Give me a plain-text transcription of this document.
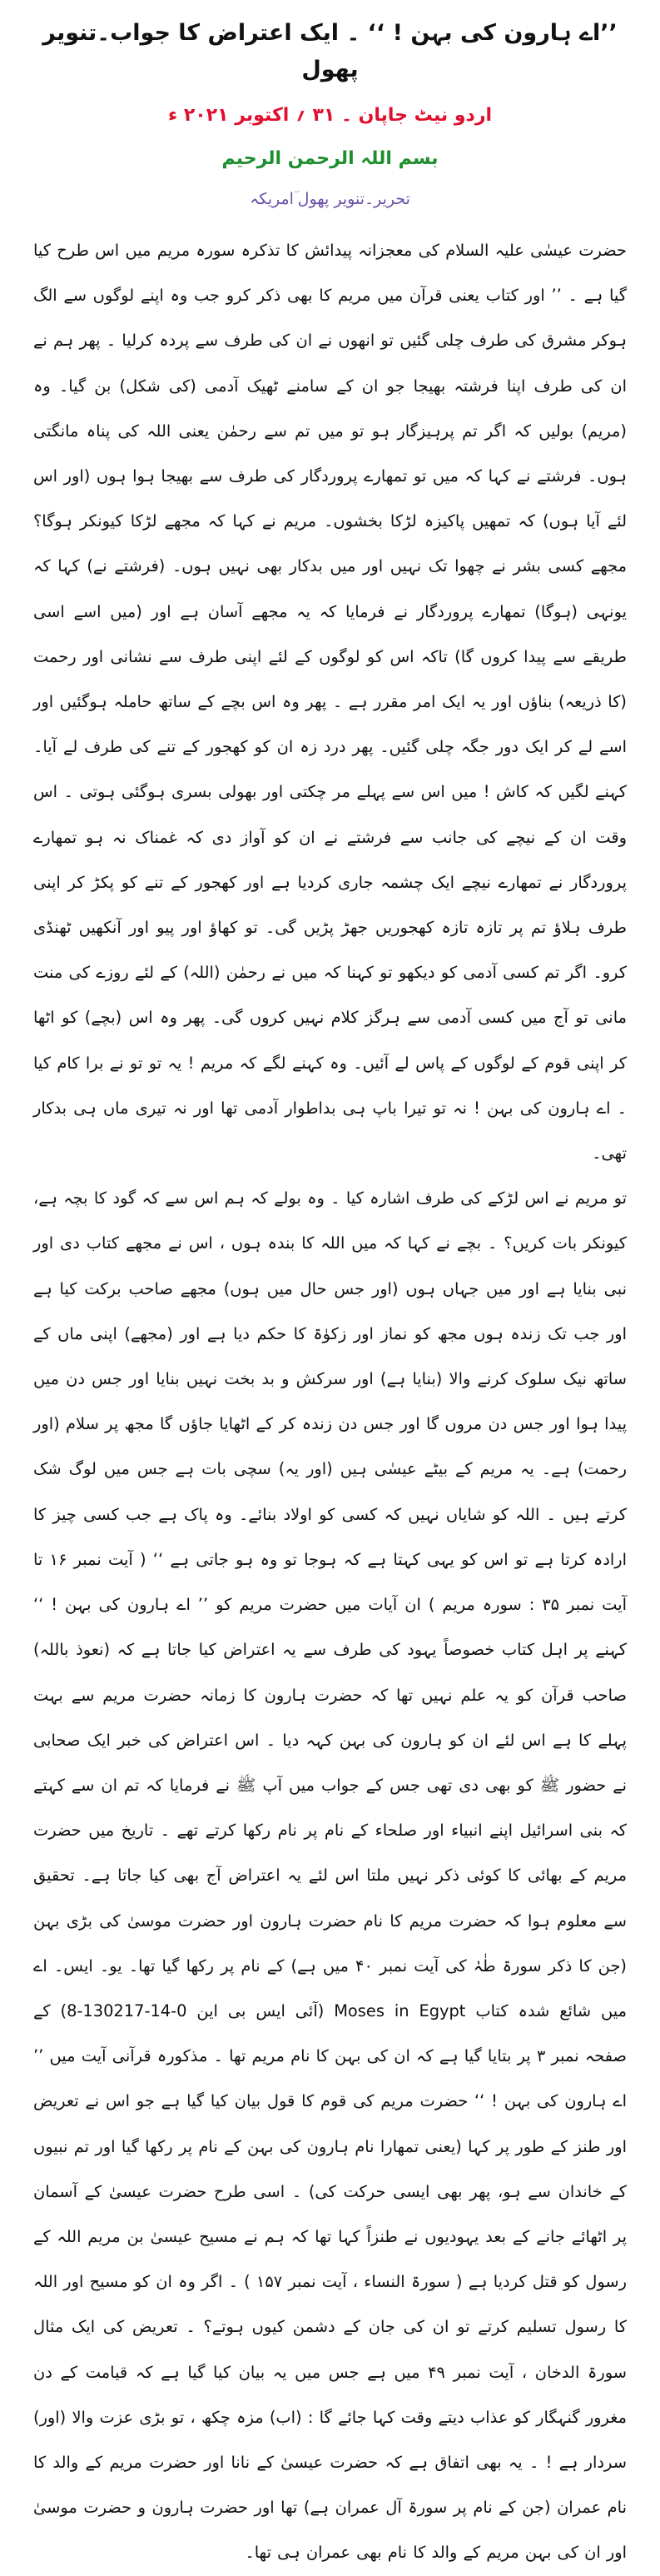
’’اے ہارون کی بہن ! ‘‘ ۔ ایک اعتراض کا جواب۔تنویر پھول
اردو نیٹ جاپان ۔ ۳۱ ؍ اکتوبر ۲۰۲۱ ء
بسم اللہ الرحمن الرحیم
تحریر۔تنویر پھول ؔامریکہ

حضرت عیسٰی علیہ السلام کی معجزانہ پیدائش کا تذکرہ سورہ مریم میں اس طرح کیا گیا ہے ۔ ’’ اور کتاب یعنی قرآن میں مریم کا بھی ذکر کرو جب وہ اپنے لوگوں سے الگ ہوکر مشرق کی طرف چلی گئیں تو انھوں نے ان کی طرف سے پردہ کرلیا ۔ پھر ہم نے ان کی طرف اپنا فرشتہ بھیجا جو ان کے سامنے ٹھیک آدمی (کی شکل) بن گیا۔ وہ (مریم) بولیں کہ اگر تم پرہیزگار ہو تو میں تم سے رحمٰن یعنی اللہ کی پناہ مانگتی ہوں۔ فرشتے نے کہا کہ میں تو تمھارے پروردگار کی طرف سے بھیجا ہوا ہوں (اور اس لئے آیا ہوں) کہ تمھیں پاکیزہ لڑکا بخشوں۔ مریم نے کہا کہ مجھے لڑکا کیونکر ہوگا؟ مجھے کسی بشر نے چھوا تک نہیں اور میں بدکار بھی نہیں ہوں۔ (فرشتے نے) کہا کہ یونہی (ہوگا) تمھارے پروردگار نے فرمایا کہ یہ مجھے آسان ہے اور (میں اسے اسی طریقے سے پیدا کروں گا) تاکہ اس کو لوگوں کے لئے اپنی طرف سے نشانی اور رحمت (کا ذریعہ) بناؤں اور یہ ایک امر مقرر ہے ۔ پھر وہ اس بچے کے ساتھ حاملہ ہوگئیں اور اسے لے کر ایک دور جگہ چلی گئیں۔ پھر درد زہ ان کو کھجور کے تنے کی طرف لے آیا۔ کہنے لگیں کہ کاش ! میں اس سے پہلے مر چکتی اور بھولی بسری ہوگئی ہوتی ۔ اس وقت ان کے نیچے کی جانب سے فرشتے نے ان کو آواز دی کہ غمناک نہ ہو تمھارے پروردگار نے تمھارے نیچے ایک چشمہ جاری کردیا ہے اور کھجور کے تنے کو پکڑ کر اپنی طرف ہلاؤ تم پر تازہ تازہ کھجوریں جھڑ پڑیں گی۔ تو کھاؤ اور پیو اور آنکھیں ٹھنڈی کرو۔ اگر تم کسی آدمی کو دیکھو تو کہنا کہ میں نے رحمٰن (اللہ) کے لئے روزے کی منت مانی تو آج میں کسی آدمی سے ہرگز کلام نہیں کروں گی۔ پھر وہ اس (بچے) کو اٹھا کر اپنی قوم کے لوگوں کے پاس لے آئیں۔ وہ کہنے لگے کہ مریم ! یہ تو تو نے برا کام کیا ۔ اے ہارون کی بہن ! نہ تو تیرا باپ ہی بداطوار آدمی تھا اور نہ تیری ماں ہی بدکار تھی۔

تو مریم نے اس لڑکے کی طرف اشارہ کیا ۔ وہ بولے کہ ہم اس سے کہ گود کا بچہ ہے، کیونکر بات کریں؟ ۔ بچے نے کہا کہ میں اللہ کا بندہ ہوں ، اس نے مجھے کتاب دی اور نبی بنایا ہے اور میں جہاں ہوں (اور جس حال میں ہوں) مجھے صاحب برکت کیا ہے اور جب تک زندہ ہوں مجھ کو نماز اور زکوٰۃ کا حکم دیا ہے اور (مجھے) اپنی ماں کے ساتھ نیک سلوک کرنے والا (بنایا ہے) اور سرکش و بد بخت نہیں بنایا اور جس دن میں پیدا ہوا اور جس دن مروں گا اور جس دن زندہ کر کے اٹھایا جاؤں گا مجھ پر سلام (اور رحمت) ہے۔ یہ مریم کے بیٹے عیسٰی ہیں (اور یہ) سچی بات ہے جس میں لوگ شک کرتے ہیں ۔ اللہ کو شایاں نہیں کہ کسی کو اولاد بنائے۔ وہ پاک ہے جب کسی چیز کا ارادہ کرتا ہے تو اس کو یہی کہتا ہے کہ ہوجا تو وہ ہو جاتی ہے ‘‘ ( آیت نمبر ۱۶ تا آیت نمبر ۳۵ : سورہ مریم ) ان آیات میں حضرت مریم کو ’’ اے ہارون کی بہن ! ‘‘ کہنے پر اہل کتاب خصوصاً یہود کی طرف سے یہ اعتراض کیا جاتا ہے کہ (نعوذ باللہ) صاحب قرآن کو یہ علم نہیں تھا کہ حضرت ہارون کا زمانہ حضرت مریم سے بہت پہلے کا ہے اس لئے ان کو ہارون کی بہن کہہ دیا ۔ اس اعتراض کی خبر ایک صحابی نے حضور ﷺ کو بھی دی تھی جس کے جواب میں آپ ﷺ نے فرمایا کہ تم ان سے کہتے کہ بنی اسرائیل اپنے انبیاء اور صلحاء کے نام پر نام رکھا کرتے تھے ۔ تاریخ میں حضرت مریم کے بھائی کا کوئی ذکر نہیں ملتا اس لئے یہ اعتراض آج بھی کیا جاتا ہے۔ تحقیق سے معلوم ہوا کہ حضرت مریم کا نام حضرت ہارون اور حضرت موسیٰ کی بڑی بہن (جن کا ذکر سورۃ طٰہٰ کی آیت نمبر ۴۰ میں ہے) کے نام پر رکھا گیا تھا۔ یو۔ ایس۔ اے میں شائع شدہ کتاب Moses in Egypt (آئی ایس بی این 0-14-130217-8) کے صفحہ نمبر ۳ پر بتایا گیا ہے کہ ان کی بہن کا نام مریم تھا ۔ مذکورہ قرآنی آیت میں ’’ اے ہارون کی بہن ! ‘‘ حضرت مریم کی قوم کا قول بیان کیا گیا ہے جو اس نے تعریض اور طنز کے طور پر کہا (یعنی تمھارا نام ہارون کی بہن کے نام پر رکھا گیا اور تم نبیوں کے خاندان سے ہو، پھر بھی ایسی حرکت کی) ۔ اسی طرح حضرت عیسیٰ کے آسمان پر اٹھائے جانے کے بعد یہودیوں نے طنزاً کہا تھا کہ ہم نے مسیح عیسیٰ بن مریم اللہ کے رسول کو قتل کردیا ہے ( سورۃ النساء ، آیت نمبر ۱۵۷ ) ۔ اگر وہ ان کو مسیح اور اللہ کا رسول تسلیم کرتے تو ان کی جان کے دشمن کیوں ہوتے؟ ۔ تعریض کی ایک مثال سورۃ الدخان ، آیت نمبر ۴۹ میں ہے جس میں یہ بیان کیا گیا ہے کہ قیامت کے دن مغرور گنہگار کو عذاب دیتے وقت کہا جائے گا : (اب) مزہ چکھ ، تو بڑی عزت والا (اور) سردار ہے ! ۔ یہ بھی اتفاق ہے کہ حضرت عیسیٰ کے نانا اور حضرت مریم کے والد کا نام عمران (جن کے نام پر سورۃ آل عمران ہے) تھا اور حضرت ہارون و حضرت موسیٰ اور ان کی بہن مریم کے والد کا نام بھی عمران ہی تھا۔
